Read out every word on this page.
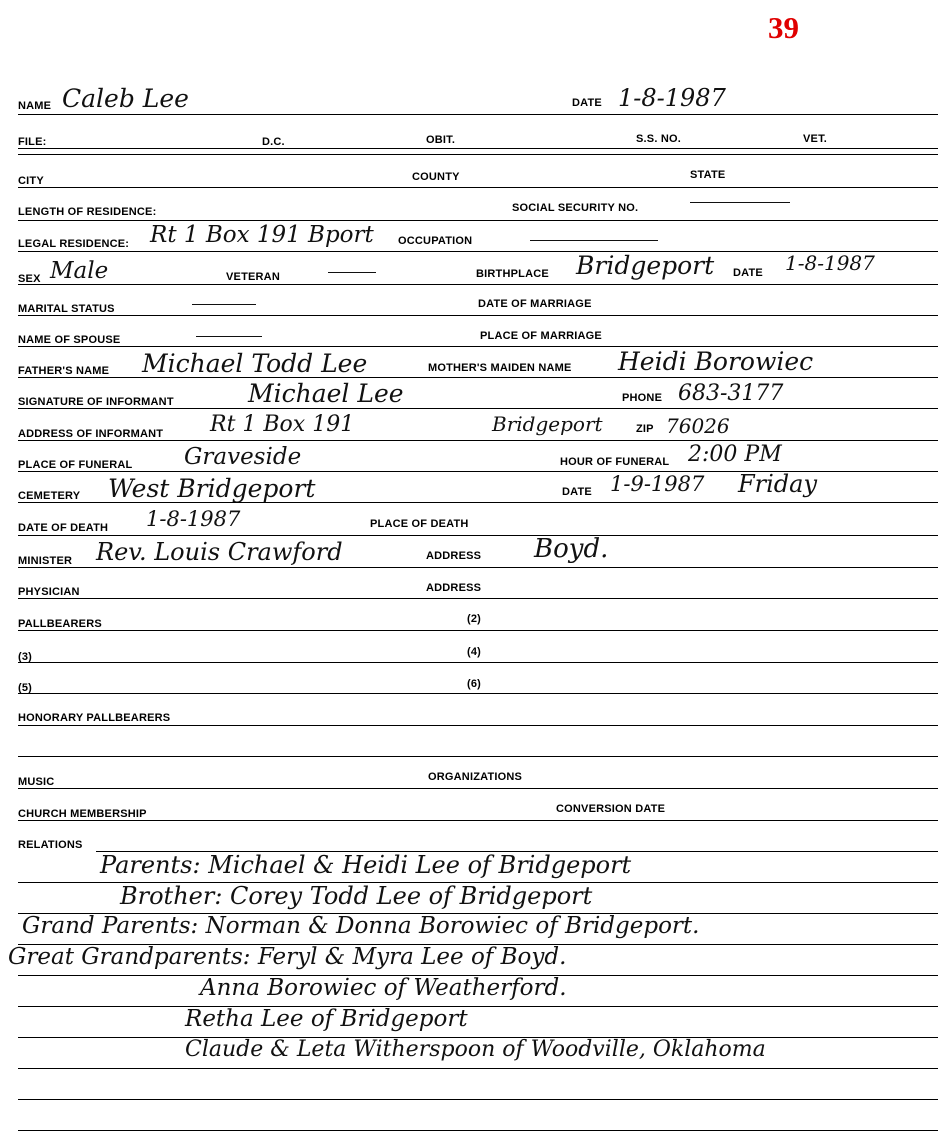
39
NAME Caleb Lee	DATE 1-8-1987
FILE:	D.C.	OBIT.	S.S. NO.	VET.
CITY	COUNTY	STATE
LENGTH OF RESIDENCE:	SOCIAL SECURITY NO.
LEGAL RESIDENCE: Rt 1 Box 191 Bport OCCUPATION
SEX Male	VETERAN	BIRTHPLACE Bridgeport DATE 1-8-1987
MARITAL STATUS	DATE OF MARRIAGE
NAME OF SPOUSE	PLACE OF MARRIAGE
FATHER'S NAME Michael Todd Lee	MOTHER'S MAIDEN NAME Heidi Borowiec
SIGNATURE OF INFORMANT	Michael Lee	PHONE 683-3177
ADDRESS OF INFORMANT Rt 1 Box 191	Bridgeport	ZIP 76026
PLACE OF FUNERAL Graveside	HOUR OF FUNERAL 2:00 PM
CEMETERY West Bridgeport	DATE 1-9-1987 Friday
DATE OF DEATH 1-8-1987	PLACE OF DEATH
MINISTER Rev. Louis Crawford	ADDRESS Boyd.
PHYSICIAN	ADDRESS
PALLBEARERS	(2)
(3)	(4)
(5)	(6)
HONORARY PALLBEARERS
MUSIC	ORGANIZATIONS
CHURCH MEMBERSHIP	CONVERSION DATE
RELATIONS
Parents: Michael & Heidi Lee of Bridgeport
Brother: Corey Todd Lee of Bridgeport
Grand Parents: Norman & Donna Borowiec of Bridgeport.
Great Grandparents: Feryl & Myra Lee of Boyd.
Anna Borowiec of Weatherford.
Retha Lee of Bridgeport
Claude & Leta Witherspoon of Woodville, Oklahoma
